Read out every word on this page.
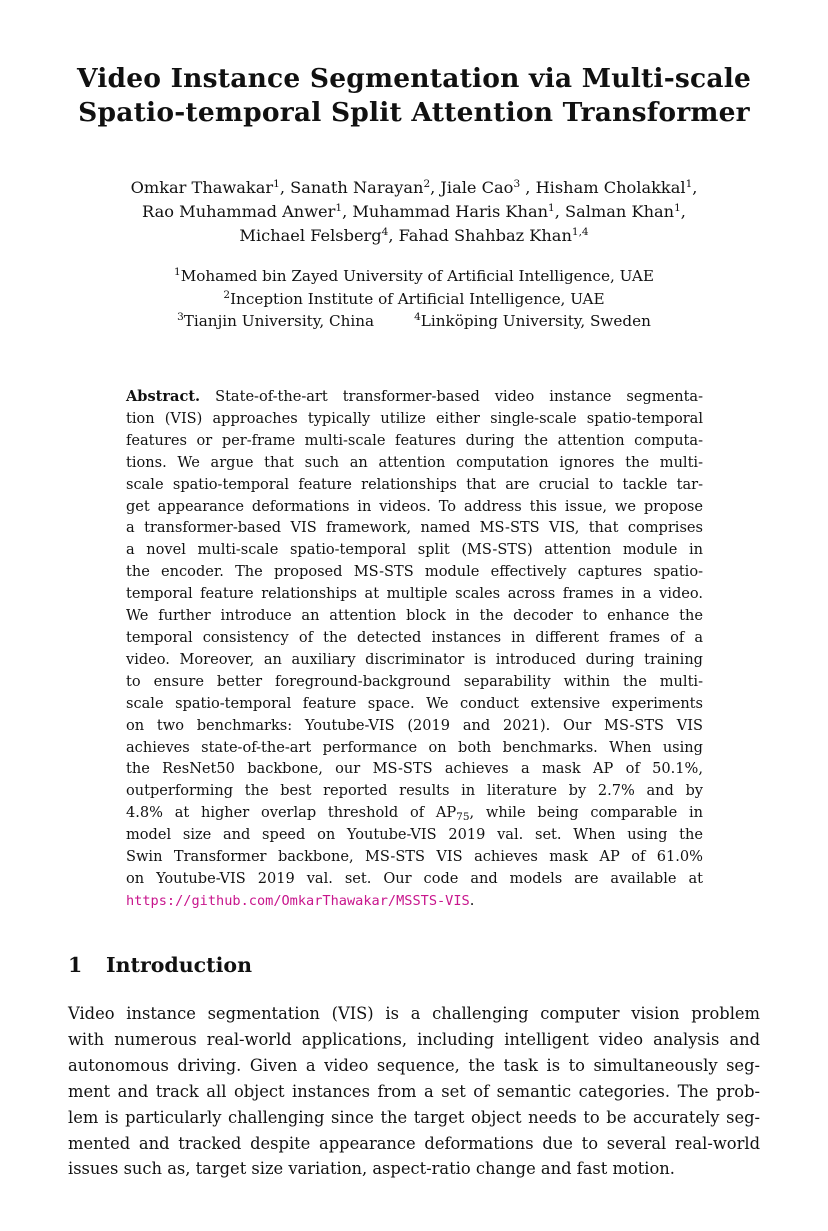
Video Instance Segmentation via Multi-scale
Spatio-temporal Split Attention Transformer
Omkar Thawakar$^1$, Sanath Narayan$^2$, Jiale Cao$^3$ , Hisham Cholakkal$^1$,
Rao Muhammad Anwer$^1$, Muhammad Haris Khan$^1$, Salman Khan$^1$,
Michael Felsberg$^4$, Fahad Shahbaz Khan$^{1,4}$
$^1$Mohamed bin Zayed University of Artificial Intelligence, UAE
$^2$Inception Institute of Artificial Intelligence, UAE
$^3$Tianjin University, China	$^4$Linköping University, Sweden
Abstract. State-of-the-art transformer-based video instance segmenta-
tion (VIS) approaches typically utilize either single-scale spatio-temporal
features or per-frame multi-scale features during the attention computa-
tions. We argue that such an attention computation ignores the multi-
scale spatio-temporal feature relationships that are crucial to tackle tar-
get appearance deformations in videos. To address this issue, we propose
a transformer-based VIS framework, named MS-STS VIS, that comprises
a novel multi-scale spatio-temporal split (MS-STS) attention module in
the encoder. The proposed MS-STS module effectively captures spatio-
temporal feature relationships at multiple scales across frames in a video.
We further introduce an attention block in the decoder to enhance the
temporal consistency of the detected instances in different frames of a
video. Moreover, an auxiliary discriminator is introduced during training
to ensure better foreground-background separability within the multi-
scale spatio-temporal feature space. We conduct extensive experiments
on two benchmarks: Youtube-VIS (2019 and 2021). Our MS-STS VIS
achieves state-of-the-art performance on both benchmarks. When using
the ResNet50 backbone, our MS-STS achieves a mask AP of 50.1%,
outperforming the best reported results in literature by 2.7% and by
4.8% at higher overlap threshold of $AP_{75}$, while being comparable in
model size and speed on Youtube-VIS 2019 val. set. When using the
Swin Transformer backbone, MS-STS VIS achieves mask AP of 61.0%
on Youtube-VIS 2019 val. set. Our code and models are available at
https://github.com/OmkarThawakar/MSSTS-VIS.
1 Introduction
Video instance segmentation (VIS) is a challenging computer vision problem
with numerous real-world applications, including intelligent video analysis and
autonomous driving. Given a video sequence, the task is to simultaneously seg-
ment and track all object instances from a set of semantic categories. The prob-
lem is particularly challenging since the target object needs to be accurately seg-
mented and tracked despite appearance deformations due to several real-world
issues such as, target size variation, aspect-ratio change and fast motion.
